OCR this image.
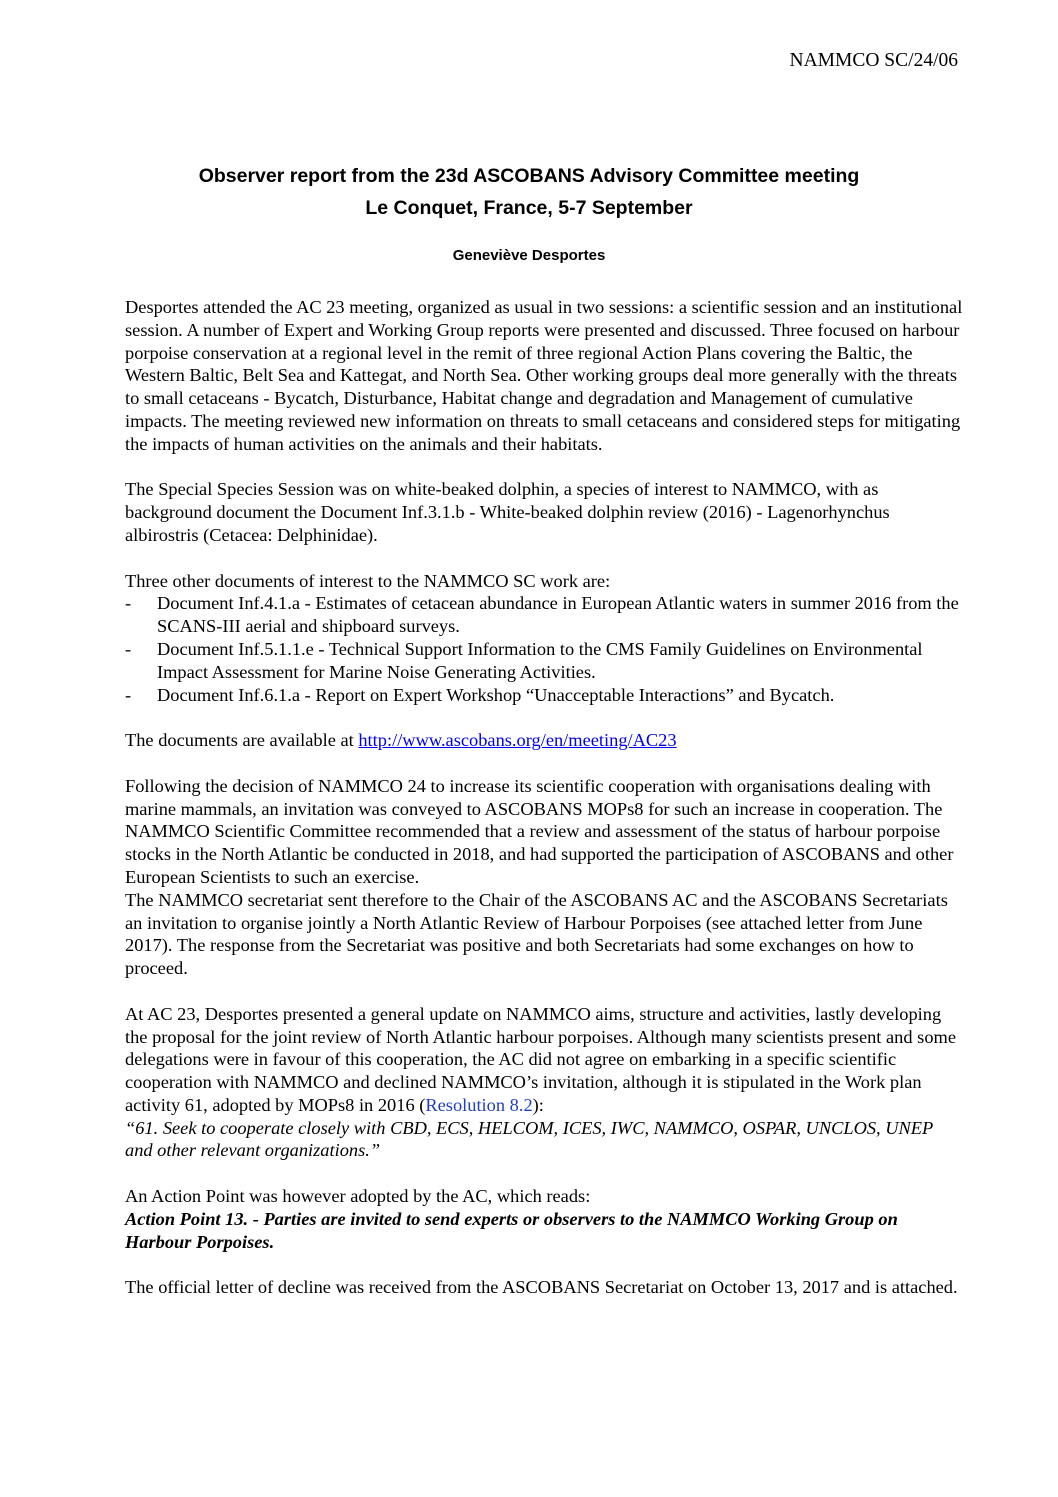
NAMMCO SC/24/06
Observer report from the 23d ASCOBANS Advisory Committee meeting
Le Conquet, France, 5-7 September
Geneviève Desportes

Desportes attended the AC 23 meeting, organized as usual in two sessions: a scientific session and an institutional session. A number of Expert and Working Group reports were presented and discussed. Three focused on harbour porpoise conservation at a regional level in the remit of three regional Action Plans covering the Baltic, the Western Baltic, Belt Sea and Kattegat, and North Sea. Other working groups deal more generally with the threats to small cetaceans - Bycatch, Disturbance, Habitat change and degradation and Management of cumulative impacts. The meeting reviewed new information on threats to small cetaceans and considered steps for mitigating the impacts of human activities on the animals and their habitats.

The Special Species Session was on white-beaked dolphin, a species of interest to NAMMCO, with as background document the Document Inf.3.1.b - White-beaked dolphin review (2016) - Lagenorhynchus albirostris (Cetacea: Delphinidae).

Three other documents of interest to the NAMMCO SC work are:

- Document Inf.4.1.a - Estimates of cetacean abundance in European Atlantic waters in summer 2016 from the SCANS-III aerial and shipboard surveys.
- Document Inf.5.1.1.e - Technical Support Information to the CMS Family Guidelines on Environmental Impact Assessment for Marine Noise Generating Activities.
- Document Inf.6.1.a - Report on Expert Workshop “Unacceptable Interactions” and Bycatch.

The documents are available at http://www.ascobans.org/en/meeting/AC23

Following the decision of NAMMCO 24 to increase its scientific cooperation with organisations dealing with marine mammals, an invitation was conveyed to ASCOBANS MOPs8 for such an increase in cooperation. The NAMMCO Scientific Committee recommended that a review and assessment of the status of harbour porpoise stocks in the North Atlantic be conducted in 2018, and had supported the participation of ASCOBANS and other European Scientists to such an exercise.

The NAMMCO secretariat sent therefore to the Chair of the ASCOBANS AC and the ASCOBANS Secretariats an invitation to organise jointly a North Atlantic Review of Harbour Porpoises (see attached letter from June 2017). The response from the Secretariat was positive and both Secretariats had some exchanges on how to proceed.

At AC 23, Desportes presented a general update on NAMMCO aims, structure and activities, lastly developing the proposal for the joint review of North Atlantic harbour porpoises. Although many scientists present and some delegations were in favour of this cooperation, the AC did not agree on embarking in a specific scientific cooperation with NAMMCO and declined NAMMCO’s invitation, although it is stipulated in the Work plan activity 61, adopted by MOPs8 in 2016 (Resolution 8.2):
“61. Seek to cooperate closely with CBD, ECS, HELCOM, ICES, IWC, NAMMCO, OSPAR, UNCLOS, UNEP and other relevant organizations.”

An Action Point was however adopted by the AC, which reads:
Action Point 13. - Parties are invited to send experts or observers to the NAMMCO Working Group on Harbour Porpoises.

The official letter of decline was received from the ASCOBANS Secretariat on October 13, 2017 and is attached.
